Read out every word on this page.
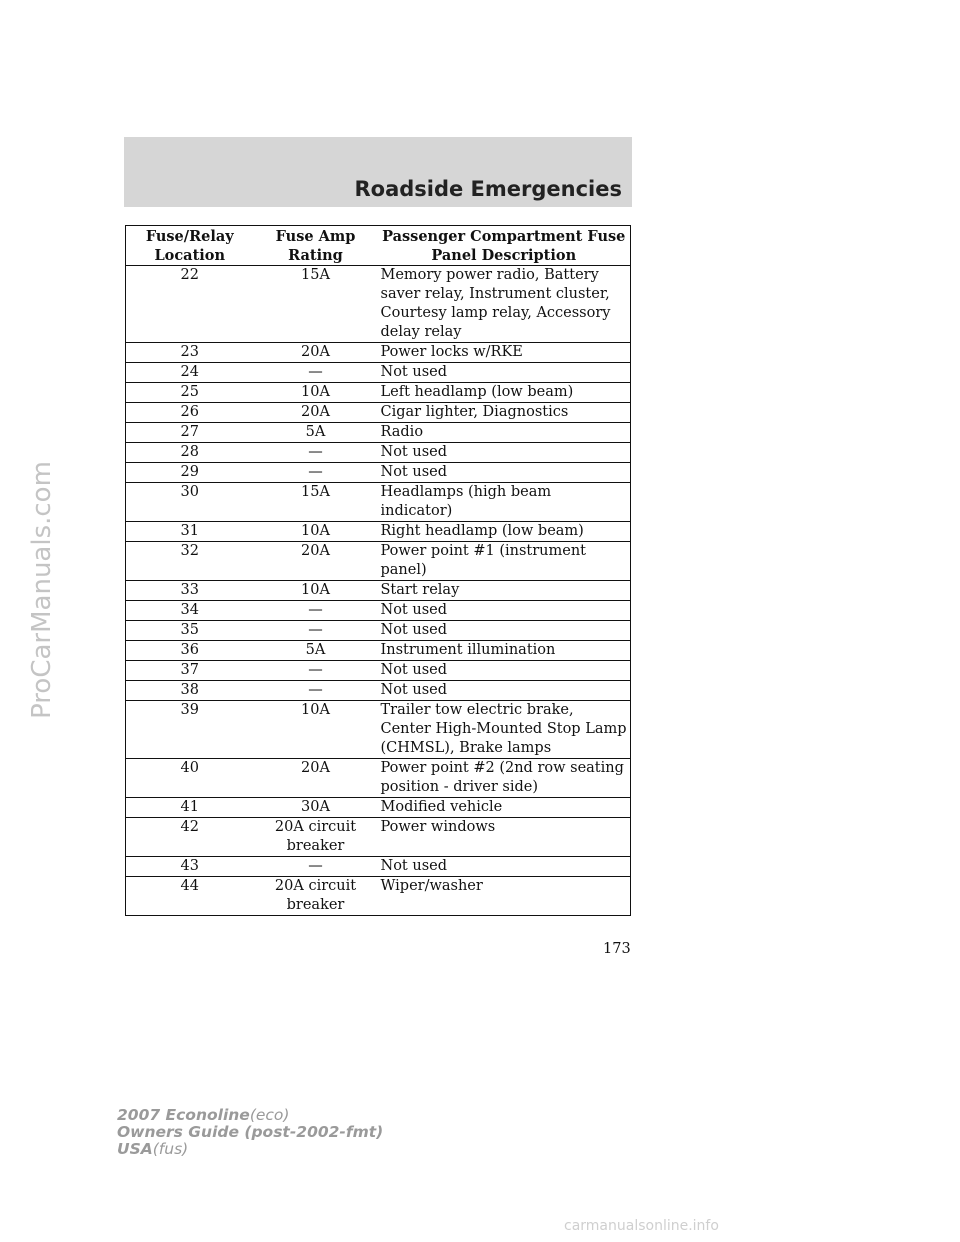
Roadside Emergencies
Fuse/Relay Location	Fuse Amp Rating	Passenger Compartment Fuse Panel Description
22	15A	Memory power radio, Battery saver relay, Instrument cluster, Courtesy lamp relay, Accessory delay relay
23	20A	Power locks w/RKE
24	—	Not used
25	10A	Left headlamp (low beam)
26	20A	Cigar lighter, Diagnostics
27	5A	Radio
28	—	Not used
29	—	Not used
30	15A	Headlamps (high beam indicator)
31	10A	Right headlamp (low beam)
32	20A	Power point #1 (instrument panel)
33	10A	Start relay
34	—	Not used
35	—	Not used
36	5A	Instrument illumination
37	—	Not used
38	—	Not used
39	10A	Trailer tow electric brake, Center High-Mounted Stop Lamp (CHMSL), Brake lamps
40	20A	Power point #2 (2nd row seating position - driver side)
41	30A	Modified vehicle
42	20A circuit breaker	Power windows
43	—	Not used
44	20A circuit breaker	Wiper/washer
173
2007 Econoline(eco)
Owners Guide (post-2002-fmt)
USA(fus)
ProCarManuals.com
carmanualsonline.info
